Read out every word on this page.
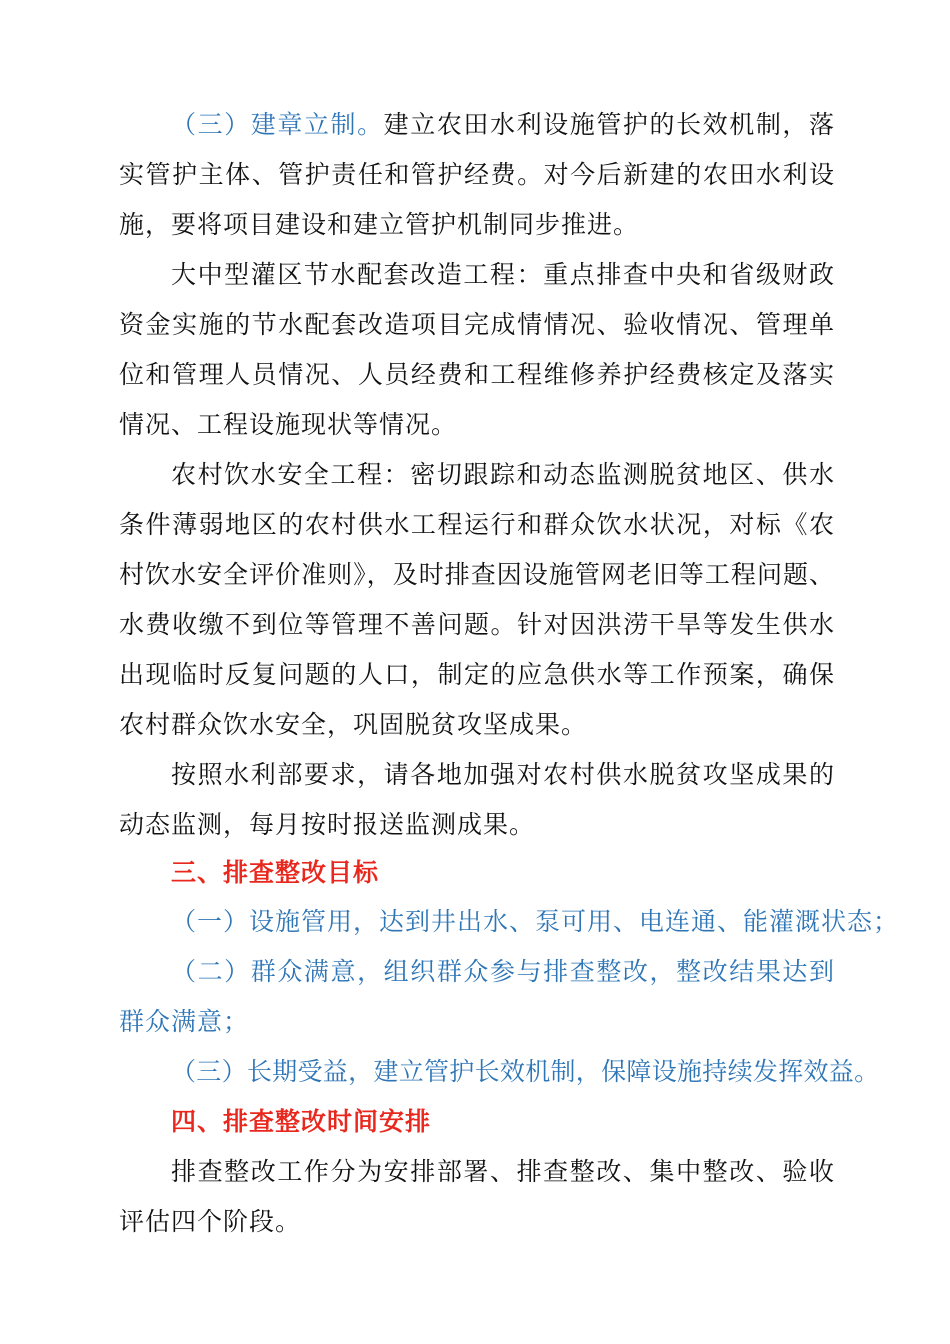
（三）建章立制。建立农田水利设施管护的长效机制，落实管护主体、管护责任和管护经费。对今后新建的农田水利设施，要将项目建设和建立管护机制同步推进。

大中型灌区节水配套改造工程：重点排查中央和省级财政资金实施的节水配套改造项目完成情情况、验收情况、管理单位和管理人员情况、人员经费和工程维修养护经费核定及落实情况、工程设施现状等情况。

农村饮水安全工程：密切跟踪和动态监测脱贫地区、供水条件薄弱地区的农村供水工程运行和群众饮水状况，对标《农村饮水安全评价准则》，及时排查因设施管网老旧等工程问题、水费收缴不到位等管理不善问题。针对因洪涝干旱等发生供水出现临时反复问题的人口，制定的应急供水等工作预案，确保农村群众饮水安全，巩固脱贫攻坚成果。

按照水利部要求，请各地加强对农村供水脱贫攻坚成果的动态监测，每月按时报送监测成果。

三、排查整改目标

（一）设施管用，达到井出水、泵可用、电连通、能灌溉状态；

（二）群众满意，组织群众参与排查整改，整改结果达到群众满意；

（三）长期受益，建立管护长效机制，保障设施持续发挥效益。

四、排查整改时间安排

排查整改工作分为安排部署、排查整改、集中整改、验收评估四个阶段。
